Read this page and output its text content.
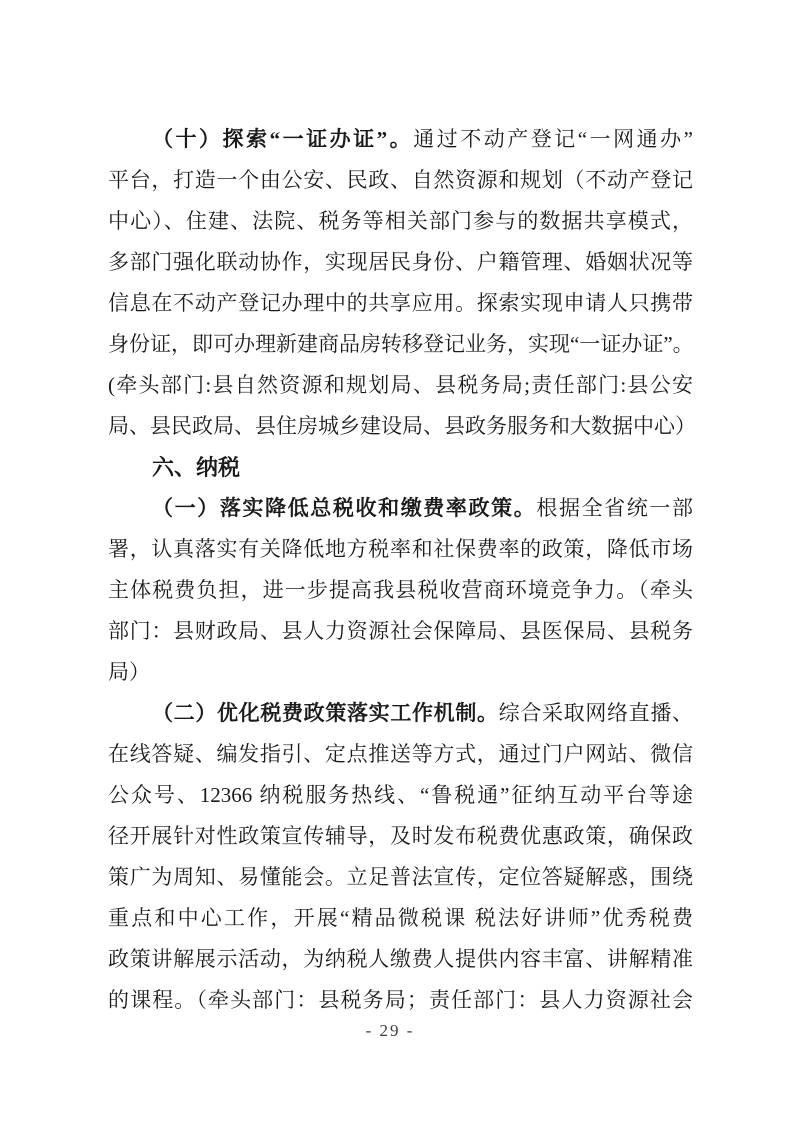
（十）探索“一证办证”。通过不动产登记“一网通办”
平台，打造一个由公安、民政、自然资源和规划（不动产登记
中心）、住建、法院、税务等相关部门参与的数据共享模式，
多部门强化联动协作，实现居民身份、户籍管理、婚姻状况等
信息在不动产登记办理中的共享应用。探索实现申请人只携带
身份证，即可办理新建商品房转移登记业务，实现“一证办证”。
(牵头部门:县自然资源和规划局、县税务局;责任部门:县公安
局、县民政局、县住房城乡建设局、县政务服务和大数据中心）
六、纳税
（一）落实降低总税收和缴费率政策。根据全省统一部
署，认真落实有关降低地方税率和社保费率的政策，降低市场
主体税费负担，进一步提高我县税收营商环境竞争力。（牵头
部门：县财政局、县人力资源社会保障局、县医保局、县税务
局）
（二）优化税费政策落实工作机制。综合采取网络直播、
在线答疑、编发指引、定点推送等方式，通过门户网站、微信
公众号、12366 纳税服务热线、“鲁税通”征纳互动平台等途
径开展针对性政策宣传辅导，及时发布税费优惠政策，确保政
策广为周知、易懂能会。立足普法宣传，定位答疑解惑，围绕
重点和中心工作，开展“精品微税课 税法好讲师”优秀税费
政策讲解展示活动，为纳税人缴费人提供内容丰富、讲解精准
的课程。（牵头部门：县税务局；责任部门：县人力资源社会
- 29 -
